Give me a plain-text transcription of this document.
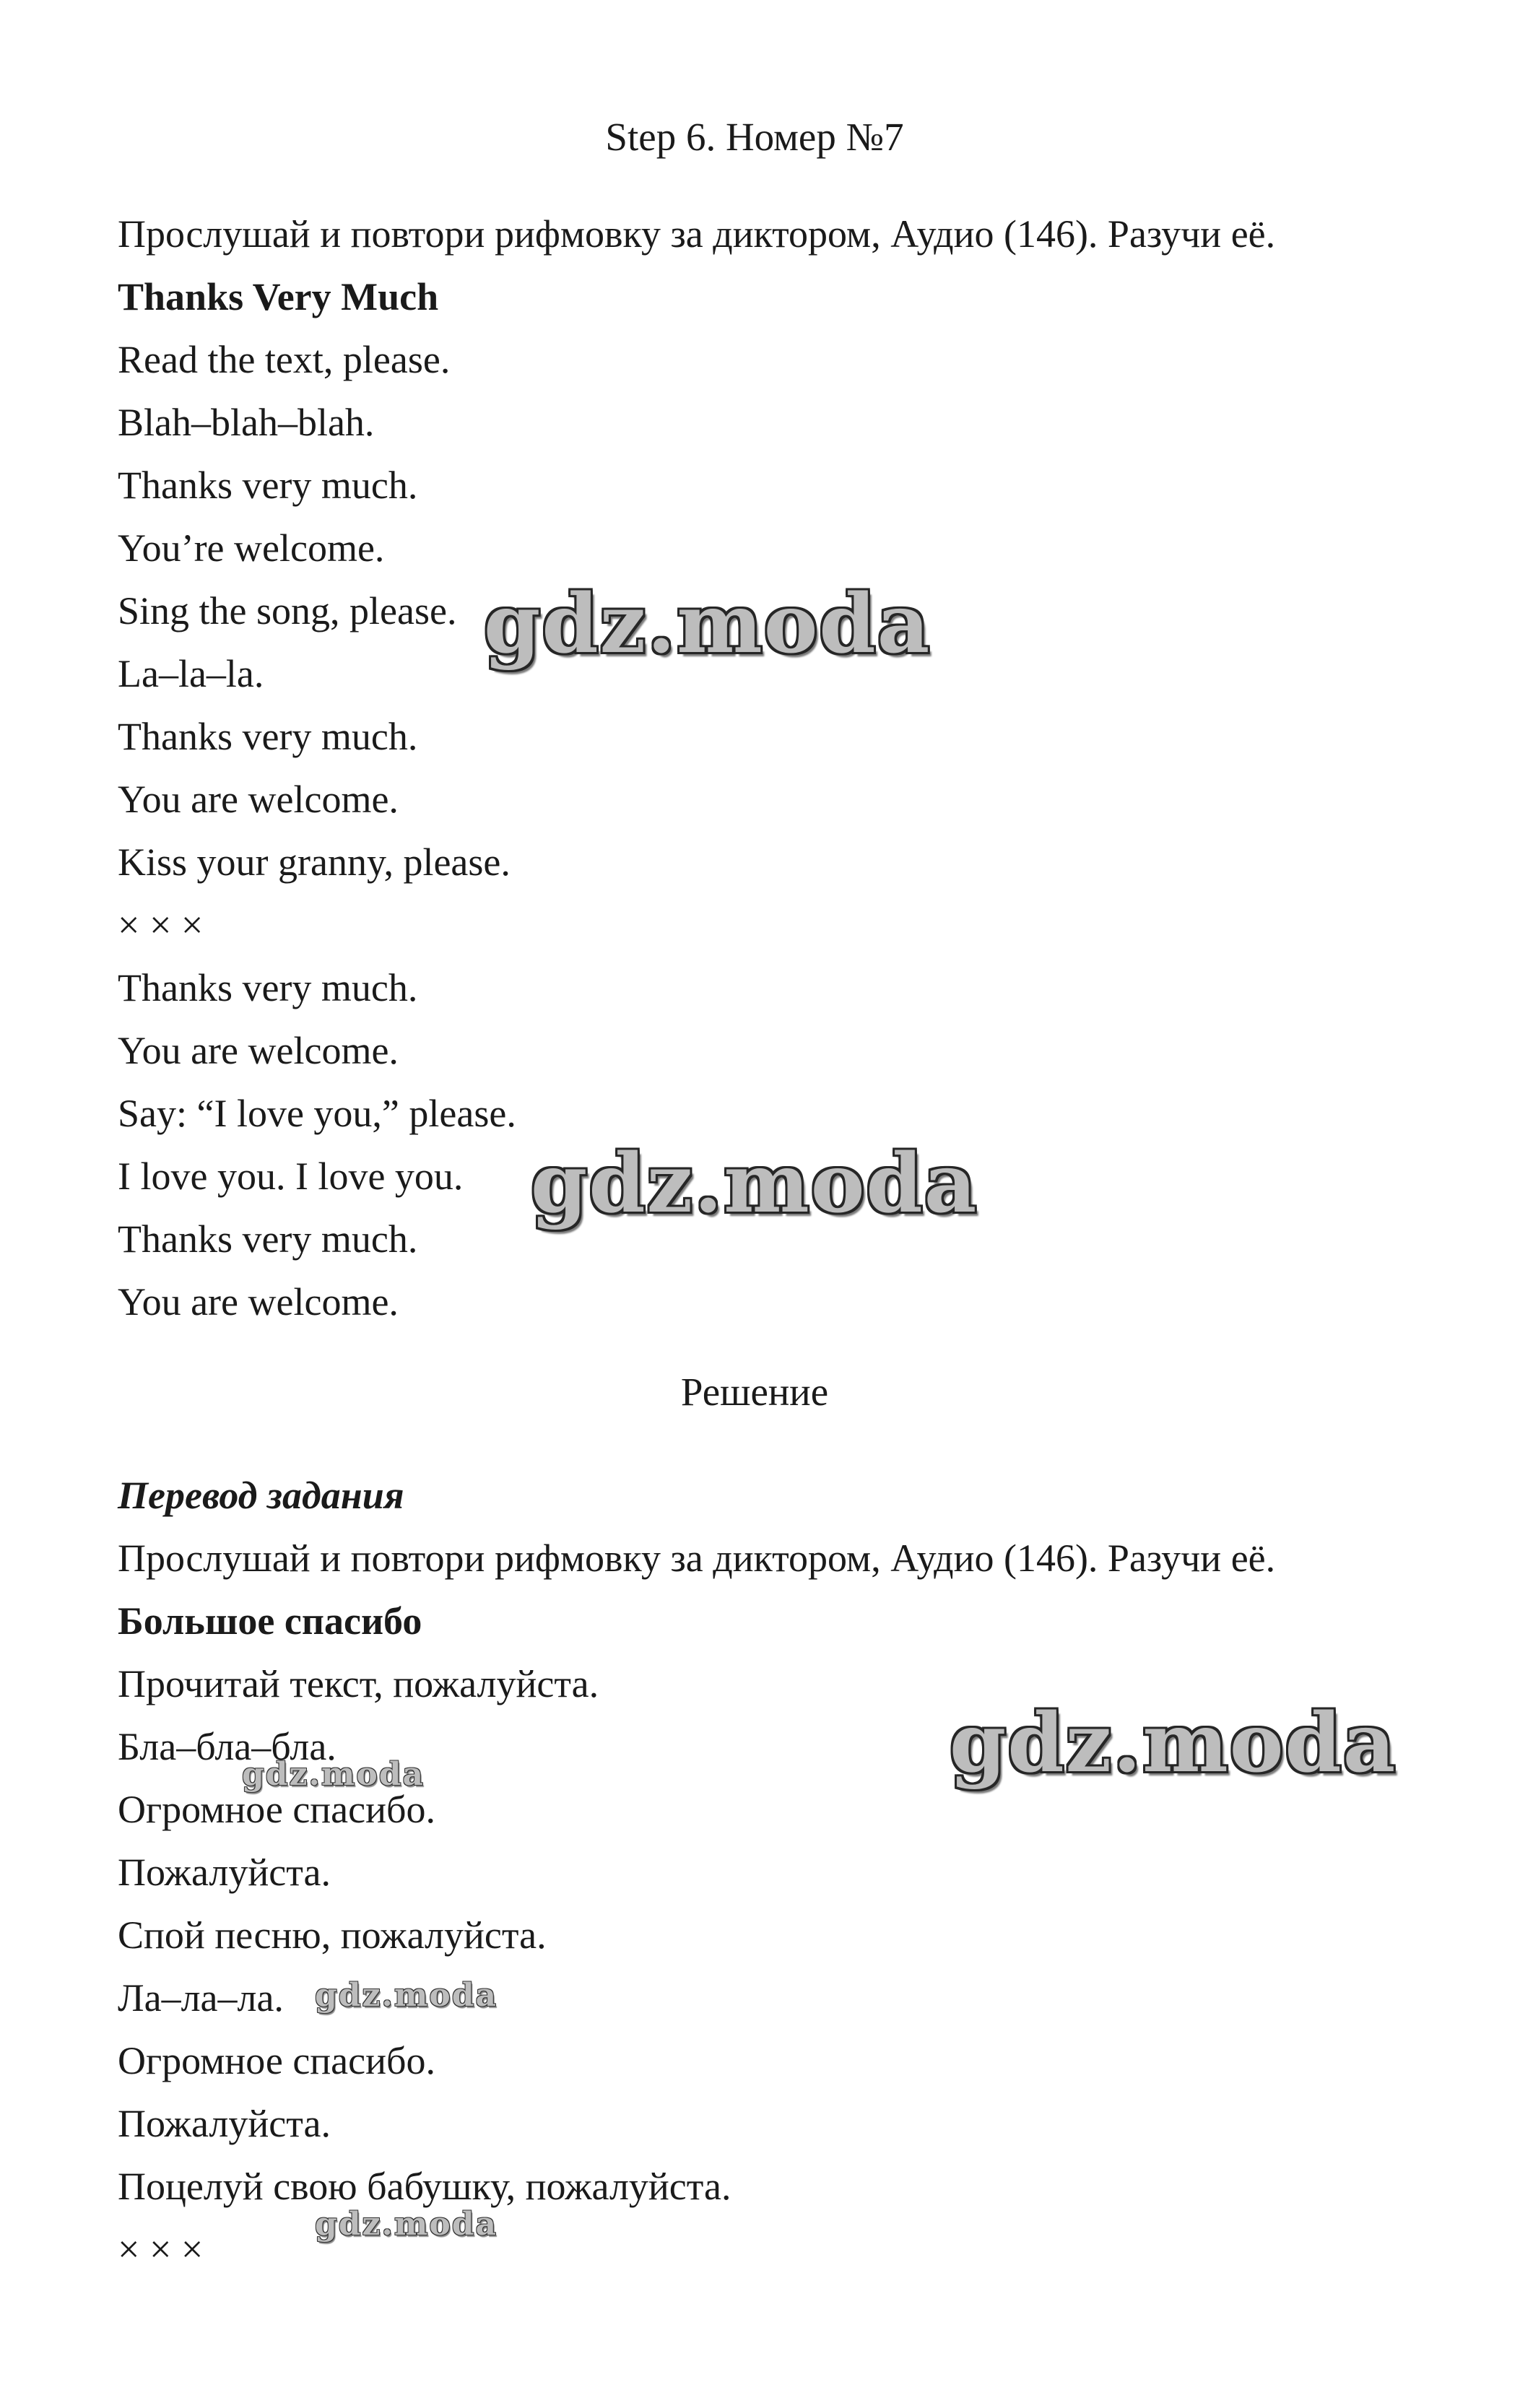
Step 6. Номер №7
Прослушай и повтори рифмовку за диктором, Аудио (146). Разучи её.
Thanks Very Much
Read the text, please.
Blah–blah–blah.
Thanks very much.
You’re welcome.
Sing the song, please.
La–la–la.
Thanks very much.
You are welcome.
Kiss your granny, please.
× × ×
Thanks very much.
You are welcome.
Say: “I love you,” please.
I love you. I love you.
Thanks very much.
You are welcome.
Решение
Перевод задания
Прослушай и повтори рифмовку за диктором, Аудио (146). Разучи её.
Большое спасибо
Прочитай текст, пожалуйста.
Бла–бла–бла.
Огромное спасибо.
Пожалуйста.
Спой песню, пожалуйста.
Ла–ла–ла.
Огромное спасибо.
Пожалуйста.
Поцелуй свою бабушку, пожалуйста.
× × ×
gdz.moda
gdz.moda
gdz.moda
gdz.moda
gdz.moda
gdz.moda
